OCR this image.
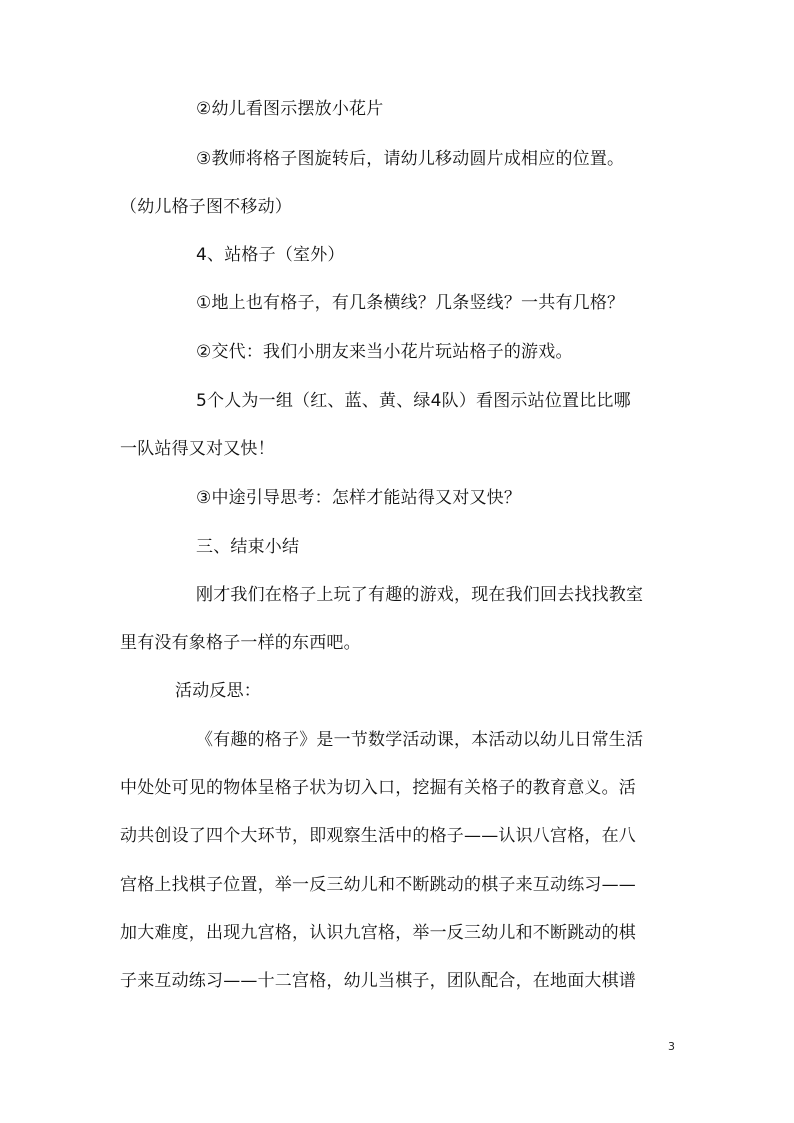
②幼儿看图示摆放小花片
③教师将格子图旋转后，请幼儿移动圆片成相应的位置。
（幼儿格子图不移动）
4、站格子（室外）
①地上也有格子，有几条横线？几条竖线？一共有几格？
②交代：我们小朋友来当小花片玩站格子的游戏。
5个人为一组（红、蓝、黄、绿4队）看图示站位置比比哪
一队站得又对又快！
③中途引导思考：怎样才能站得又对又快？
三、结束小结
刚才我们在格子上玩了有趣的游戏，现在我们回去找找教室
里有没有象格子一样的东西吧。
活动反思：
《有趣的格子》是一节数学活动课，本活动以幼儿日常生活
中处处可见的物体呈格子状为切入口，挖掘有关格子的教育意义。活
动共创设了四个大环节，即观察生活中的格子——认识八宫格，在八
宫格上找棋子位置，举一反三幼儿和不断跳动的棋子来互动练习——
加大难度，出现九宫格，认识九宫格，举一反三幼儿和不断跳动的棋
子来互动练习——十二宫格，幼儿当棋子，团队配合，在地面大棋谱
3
